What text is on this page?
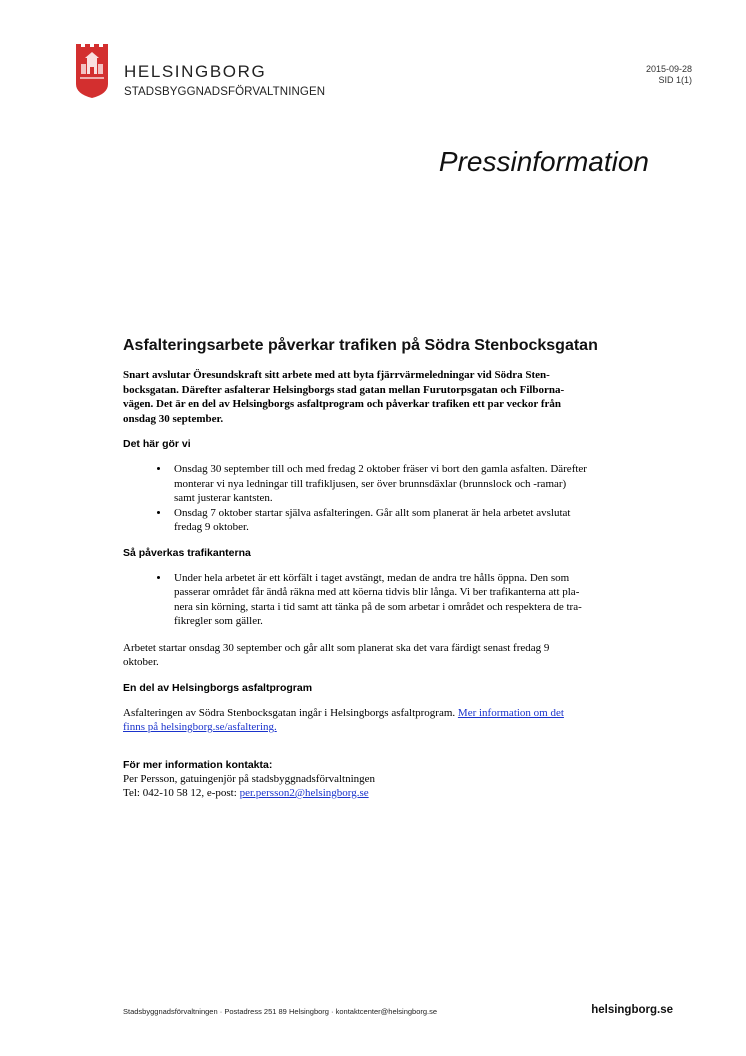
HELSINGBORG
STADSBYGGNADSFÖRVALTNINGEN
2015-09-28
SID 1(1)
Pressinformation
Asfalteringsarbete påverkar trafiken på Södra Stenbocksgatan

Snart avslutar Öresundskraft sitt arbete med att byta fjärrvärmeledningar vid Södra Sten-
bocksgatan. Därefter asfalterar Helsingborgs stad gatan mellan Furutorpsgatan och Filborna-
vägen. Det är en del av Helsingborgs asfaltprogram och påverkar trafiken ett par veckor från
onsdag 30 september.

Det här gör vi
• Onsdag 30 september till och med fredag 2 oktober fräser vi bort den gamla asfalten. Därefter
monterar vi nya ledningar till trafikljusen, ser över brunnsdäxlar (brunnslock och -ramar)
samt justerar kantsten.
• Onsdag 7 oktober startar själva asfalteringen. Går allt som planerat är hela arbetet avslutat
fredag 9 oktober.
Så påverkas trafikanterna
• Under hela arbetet är ett körfält i taget avstängt, medan de andra tre hålls öppna. Den som
passerar området får ändå räkna med att köerna tidvis blir långa. Vi ber trafikanterna att pla-
nera sin körning, starta i tid samt att tänka på de som arbetar i området och respektera de tra-
fikregler som gäller.

Arbetet startar onsdag 30 september och går allt som planerat ska det vara färdigt senast fredag 9
oktober.

En del av Helsingborgs asfaltprogram

Asfalteringen av Södra Stenbocksgatan ingår i Helsingborgs asfaltprogram. Mer information om det
finns på helsingborg.se/asfaltering.

För mer information kontakta:
Per Persson, gatuingenjör på stadsbyggnadsförvaltningen
Tel: 042-10 58 12, e-post: per.persson2@helsingborg.se
Stadsbyggnadsförvaltningen · Postadress 251 89 Helsingborg · kontaktcenter@helsingborg.se	helsingborg.se
